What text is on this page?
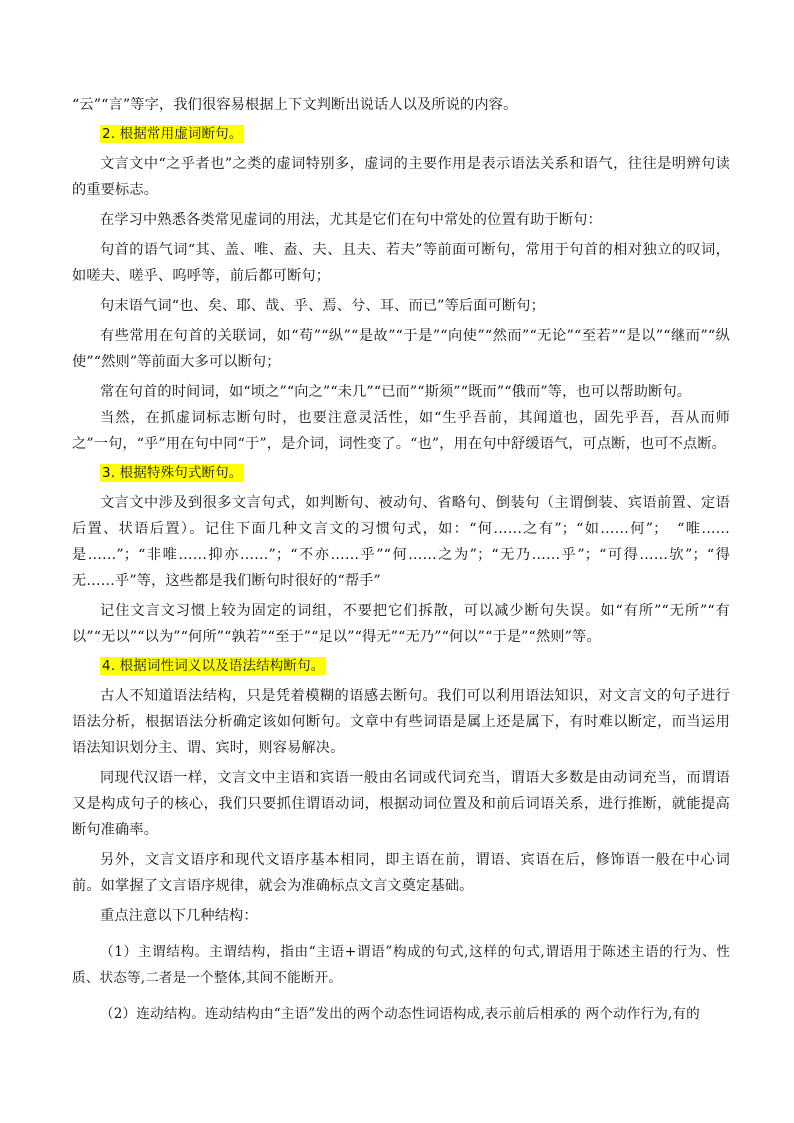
“云”“言”等字，我们很容易根据上下文判断出说话人以及所说的内容。

2. 根据常用虚词断句。

文言文中“之乎者也”之类的虚词特别多，虚词的主要作用是表示语法关系和语气，往往是明辨句读的重要标志。

在学习中熟悉各类常见虚词的用法，尤其是它们在句中常处的位置有助于断句：

句首的语气词“其、盖、唯、盍、夫、且夫、若夫”等前面可断句，常用于句首的相对独立的叹词，如嗟夫、嗟乎、呜呼等，前后都可断句；

句末语气词“也、矣、耶、哉、乎、焉、兮、耳、而已”等后面可断句；

有些常用在句首的关联词，如“苟”“纵”“是故”“于是”“向使”“然而”“无论”“至若”“是以”“继而”“纵使”“然则”等前面大多可以断句；

常在句首的时间词，如“顷之”“向之”“未几”“已而”“斯须”“既而”“俄而”等，也可以帮助断句。

当然，在抓虚词标志断句时，也要注意灵活性，如“生乎吾前，其闻道也，固先乎吾，吾从而师之”一句，“乎”用在句中同“于”，是介词，词性变了。“也”，用在句中舒缓语气，可点断，也可不点断。

3. 根据特殊句式断句。

文言文中涉及到很多文言句式，如判断句、被动句、省略句、倒装句（主谓倒装、宾语前置、定语后置、状语后置）。记住下面几种文言文的习惯句式，如：“何……之有”；“如……何”；　“唯……是……”；“非唯……抑亦……”；“不亦……乎”“何……之为”；“无乃……乎”；“可得……欤”；“得无……乎”等，这些都是我们断句时很好的“帮手”

记住文言文习惯上较为固定的词组，不要把它们拆散，可以减少断句失误。如“有所”“无所”“有以”“无以”“以为”“何所”“孰若”“至于”“足以”“得无”“无乃”“何以”“于是”“然则”等。

4. 根据词性词义以及语法结构断句。

古人不知道语法结构，只是凭着模糊的语感去断句。我们可以利用语法知识，对文言文的句子进行语法分析，根据语法分析确定该如何断句。文章中有些词语是属上还是属下，有时难以断定，而当运用语法知识划分主、谓、宾时，则容易解决。

同现代汉语一样，文言文中主语和宾语一般由名词或代词充当，谓语大多数是由动词充当，而谓语又是构成句子的核心，我们只要抓住谓语动词，根据动词位置及和前后词语关系，进行推断，就能提高断句准确率。

另外，文言文语序和现代文语序基本相同，即主语在前，谓语、宾语在后，修饰语一般在中心词前。如掌握了文言语序规律，就会为准确标点文言文奠定基础。

重点注意以下几种结构：

（1）主谓结构。主谓结构，指由“主语+谓语”构成的句式,这样的句式,谓语用于陈述主语的行为、性质、状态等,二者是一个整体,其间不能断开。

（2）连动结构。连动结构由“主语”发出的两个动态性词语构成,表示前后相承的 两个动作行为,有的
